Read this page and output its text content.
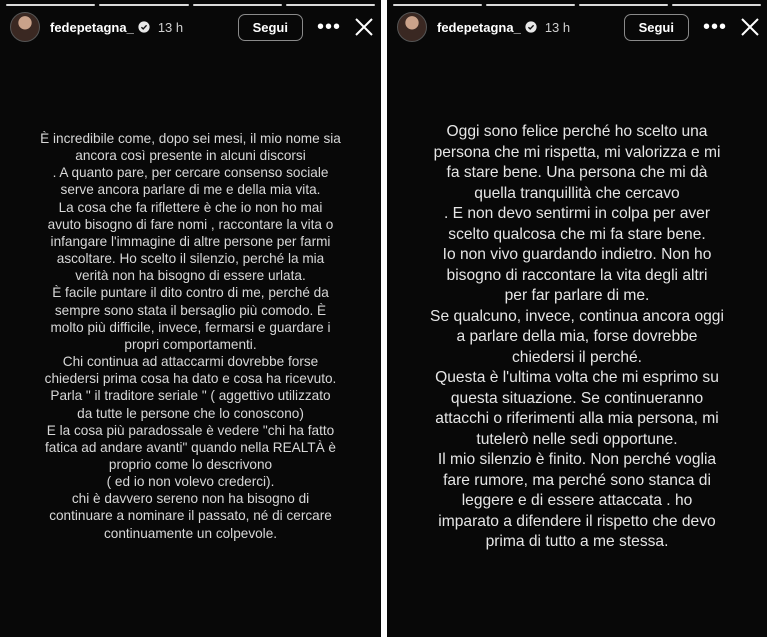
fedepetagna_ 13 h	Segui	•••
È incredibile come, dopo sei mesi, il mio nome sia
ancora così presente in alcuni discorsi
. A quanto pare, per cercare consenso sociale
serve ancora parlare di me e della mia vita.
La cosa che fa riflettere è che io non ho mai
avuto bisogno di fare nomi , raccontare la vita o
infangare l'immagine di altre persone per farmi
ascoltare. Ho scelto il silenzio, perché la mia
verità non ha bisogno di essere urlata.
È facile puntare il dito contro di me, perché da
sempre sono stata il bersaglio più comodo. È
molto più difficile, invece, fermarsi e guardare i
propri comportamenti.
Chi continua ad attaccarmi dovrebbe forse
chiedersi prima cosa ha dato e cosa ha ricevuto.
Parla " il traditore seriale " ( aggettivo utilizzato
da tutte le persone che lo conoscono)
E la cosa più paradossale è vedere "chi ha fatto
fatica ad andare avanti" quando nella REALTÀ è
proprio come lo descrivono
( ed io non volevo crederci).
chi è davvero sereno non ha bisogno di
continuare a nominare il passato, né di cercare
continuamente un colpevole.
fedepetagna_ 13 h	Segui	•••
Oggi sono felice perché ho scelto una
persona che mi rispetta, mi valorizza e mi
fa stare bene. Una persona che mi dà
quella tranquillità che cercavo
. E non devo sentirmi in colpa per aver
scelto qualcosa che mi fa stare bene.
Io non vivo guardando indietro. Non ho
bisogno di raccontare la vita degli altri
per far parlare di me.
Se qualcuno, invece, continua ancora oggi
a parlare della mia, forse dovrebbe
chiedersi il perché.
Questa è l'ultima volta che mi esprimo su
questa situazione. Se continueranno
attacchi o riferimenti alla mia persona, mi
tutelerò nelle sedi opportune.
Il mio silenzio è finito. Non perché voglia
fare rumore, ma perché sono stanca di
leggere e di essere attaccata . ho
imparato a difendere il rispetto che devo
prima di tutto a me stessa.
